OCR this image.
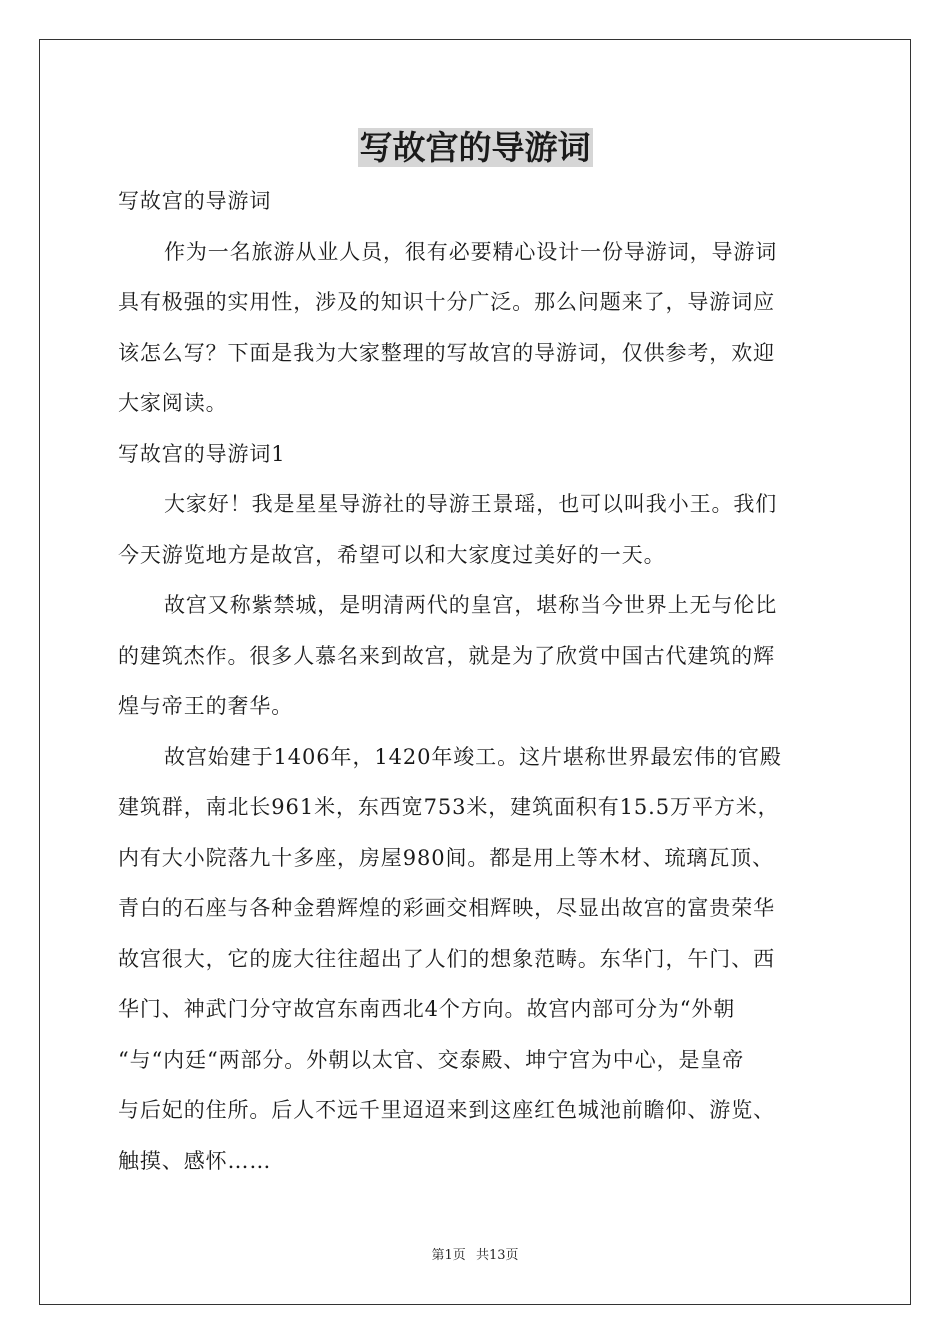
写故宫的导游词

写故宫的导游词

作为一名旅游从业人员，很有必要精心设计一份导游词，导游词

具有极强的实用性，涉及的知识十分广泛。那么问题来了，导游词应

该怎么写？下面是我为大家整理的写故宫的导游词，仅供参考，欢迎

大家阅读。

写故宫的导游词1

大家好！我是星星导游社的导游王景瑶，也可以叫我小王。我们

今天游览地方是故宫，希望可以和大家度过美好的一天。

故宫又称紫禁城，是明清两代的皇宫，堪称当今世界上无与伦比

的建筑杰作。很多人慕名来到故宫，就是为了欣赏中国古代建筑的辉

煌与帝王的奢华。

故宫始建于1406年，1420年竣工。这片堪称世界最宏伟的官殿

建筑群，南北长961米，东西宽753米，建筑面积有15.5万平方米，

内有大小院落九十多座，房屋980间。都是用上等木材、琉璃瓦顶、

青白的石座与各种金碧辉煌的彩画交相辉映，尽显出故宫的富贵荣华

故宫很大，它的庞大往往超出了人们的想象范畴。东华门，午门、西

华门、神武门分守故宫东南西北4个方向。故宫内部可分为“外朝

“与“内廷“两部分。外朝以太官、交泰殿、坤宁宫为中心，是皇帝

与后妃的住所。后人不远千里迢迢来到这座红色城池前瞻仰、游览、

触摸、感怀……

第1页 共13页
